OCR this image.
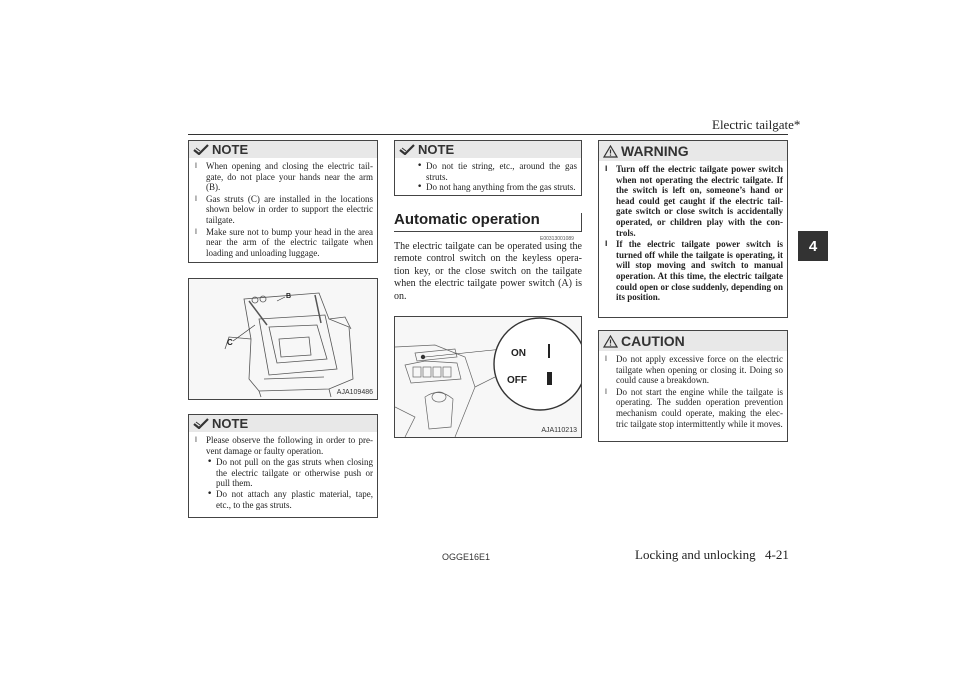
Electric tailgate*
4
NOTE
l	When opening and closing the electric tail-gate, do not place your hands near the arm (B).
l	Gas struts (C) are installed in the locations shown below in order to support the electric tailgate.
l	Make sure not to bump your head in the area near the arm of the electric tailgate when loading and unloading luggage.
C
B
AJA109486
NOTE
l	Please observe the following in order to pre-vent damage or faulty operation.
• Do not pull on the gas struts when closing the electric tailgate or otherwise push or pull them.
• Do not attach any plastic material, tape, etc., to the gas struts.
NOTE
• Do not tie string, etc., around the gas struts.
• Do not hang anything from the gas struts.
Automatic operation
E00313001089
The electric tailgate can be operated using the remote control switch on the keyless opera-tion key, or the close switch on the tailgate when the electric tailgate power switch (A) is on.
ON
OFF
AJA110213
WARNING
l Turn off the electric tailgate power switch when not operating the electric tailgate. If the switch is left on, someone’s hand or head could get caught if the electric tail-gate switch or close switch is accidentally operated, or children play with the con-trols.
l If the electric tailgate power switch is turned off while the tailgate is operating, it will stop moving and switch to manual operation. At this time, the electric tailgate could open or close suddenly, depending on its position.
CAUTION
l	Do not apply excessive force on the electric tailgate when opening or closing it. Doing so could cause a breakdown.
l	Do not start the engine while the tailgate is operating. The sudden operation prevention mechanism could operate, making the elec-tric tailgate stop intermittently while it moves.
OGGE16E1	Locking and unlocking 4-21
